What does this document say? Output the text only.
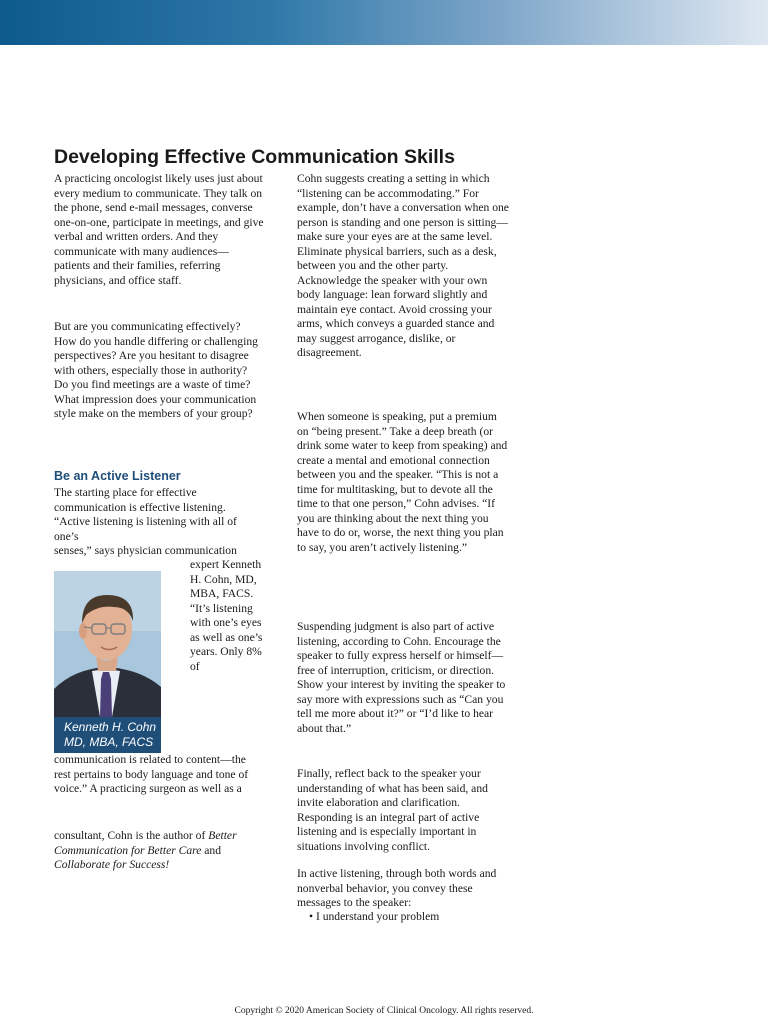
Developing Effective Communication Skills

A practicing oncologist likely uses just about every medium to communicate. They talk on the phone, send e-mail messages, converse one-on-one, participate in meetings, and give verbal and written orders. And they communicate with many audiences—patients and their families, referring physicians, and office staff.

But are you communicating effectively? How do you handle differing or challenging perspectives? Are you hesitant to disagree with others, especially those in authority? Do you find meetings are a waste of time? What impression does your communication style make on the members of your group?

Be an Active Listener

The starting place for effective communication is effective listening. “Active listening is listening with all of one’s

senses,” says physician communication

Kenneth H. Cohn
MD, MBA, FACS

expert Kenneth H. Cohn, MD, MBA, FACS. “It’s listening with one’s eyes as well as one’s years. Only 8% of

communication is related to content—the rest pertains to body language and tone of voice.” A practicing surgeon as well as a

consultant, Cohn is the author of Better Communication for Better Care and Collaborate for Success!

Cohn suggests creating a setting in which “listening can be accommodating.” For example, don’t have a conversation when one person is standing and one person is sitting—make sure your eyes are at the same level. Eliminate physical barriers, such as a desk, between you and the other party. Acknowledge the speaker with your own body language: lean forward slightly and maintain eye contact. Avoid crossing your arms, which conveys a guarded stance and may suggest arrogance, dislike, or disagreement.

When someone is speaking, put a premium on “being present.” Take a deep breath (or drink some water to keep from speaking) and create a mental and emotional connection between you and the speaker. “This is not a time for multitasking, but to devote all the time to that one person,” Cohn advises. “If you are thinking about the next thing you have to do or, worse, the next thing you plan to say, you aren’t actively listening.”

Suspending judgment is also part of active listening, according to Cohn. Encourage the speaker to fully express herself or himself—free of interruption, criticism, or direction. Show your interest by inviting the speaker to say more with expressions such as “Can you tell me more about it?” or “I’d like to hear about that.”

Finally, reflect back to the speaker your understanding of what has been said, and invite elaboration and clarification. Responding is an integral part of active listening and is especially important in situations involving conflict.

In active listening, through both words and nonverbal behavior, you convey these messages to the speaker:

• I understand your problem

Copyright © 2020 American Society of Clinical Oncology. All rights reserved.
